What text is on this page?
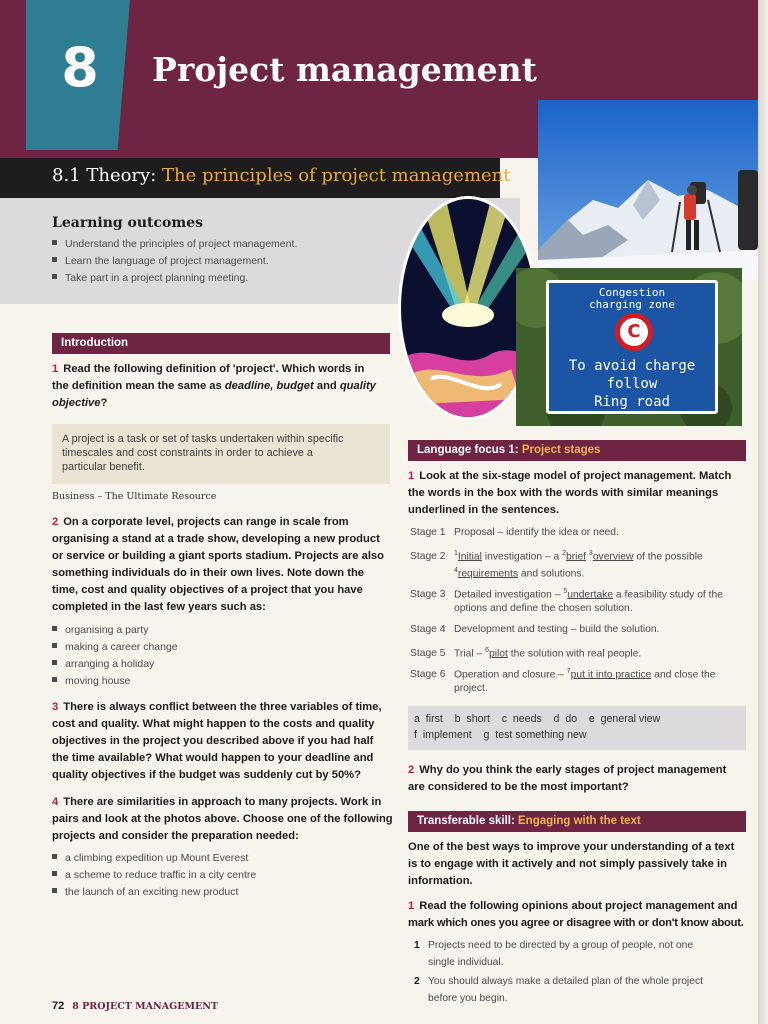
8	Project management
8.1 Theory: The principles of project management
Learning outcomes
Understand the principles of project management.
Learn the language of project management.
Take part in a project planning meeting.
Congestion
charging zone
C
To avoid charge
follow
Ring road
Introduction
1 Read the following definition of 'project'. Which words in
the definition mean the same as deadline, budget and quality
objective?
A project is a task or set of tasks undertaken within specific
timescales and cost constraints in order to achieve a
particular benefit.
Business – The Ultimate Resource
2 On a corporate level, projects can range in scale from
organising a stand at a trade show, developing a new product
or service or building a giant sports stadium. Projects are also
something individuals do in their own lives. Note down the
time, cost and quality objectives of a project that you have
completed in the last few years such as:
organising a party
making a career change
arranging a holiday
moving house
3 There is always conflict between the three variables of time,
cost and quality. What might happen to the costs and quality
objectives in the project you described above if you had half
the time available? What would happen to your deadline and
quality objectives if the budget was suddenly cut by 50%?
4 There are similarities in approach to many projects. Work in
pairs and look at the photos above. Choose one of the following
projects and consider the preparation needed:
a climbing expedition up Mount Everest
a scheme to reduce traffic in a city centre
the launch of an exciting new product
Language focus 1: Project stages
1 Look at the six-stage model of project management. Match
the words in the box with the words with similar meanings
underlined in the sentences.
Stage 1 Proposal – identify the idea or need.
Stage 2 $^1$Initial investigation – a $^2$brief $^3$overview of the possible
$^4$requirements and solutions.
Stage 3 Detailed investigation – $^5$undertake a feasibility study of the
options and define the chosen solution.
Stage 4 Development and testing – build the solution.
Stage 5 Trial – $^6$pilot the solution with real people.
Stage 6 Operation and closure – $^7$put it into practice and close the
project.
a  first    b  short    c  needs    d  do    e  general view
f  implement    g  test something new
2 Why do you think the early stages of project management
are considered to be the most important?
Transferable skill: Engaging with the text
One of the best ways to improve your understanding of a text
is to engage with it actively and not simply passively take in
information.
1 Read the following opinions about project management and
mark which ones you agree or disagree with or don't know about.
1 Projects need to be directed by a group of people, not one
single individual.
2 You should always make a detailed plan of the whole project
before you begin.
72 8 PROJECT MANAGEMENT
